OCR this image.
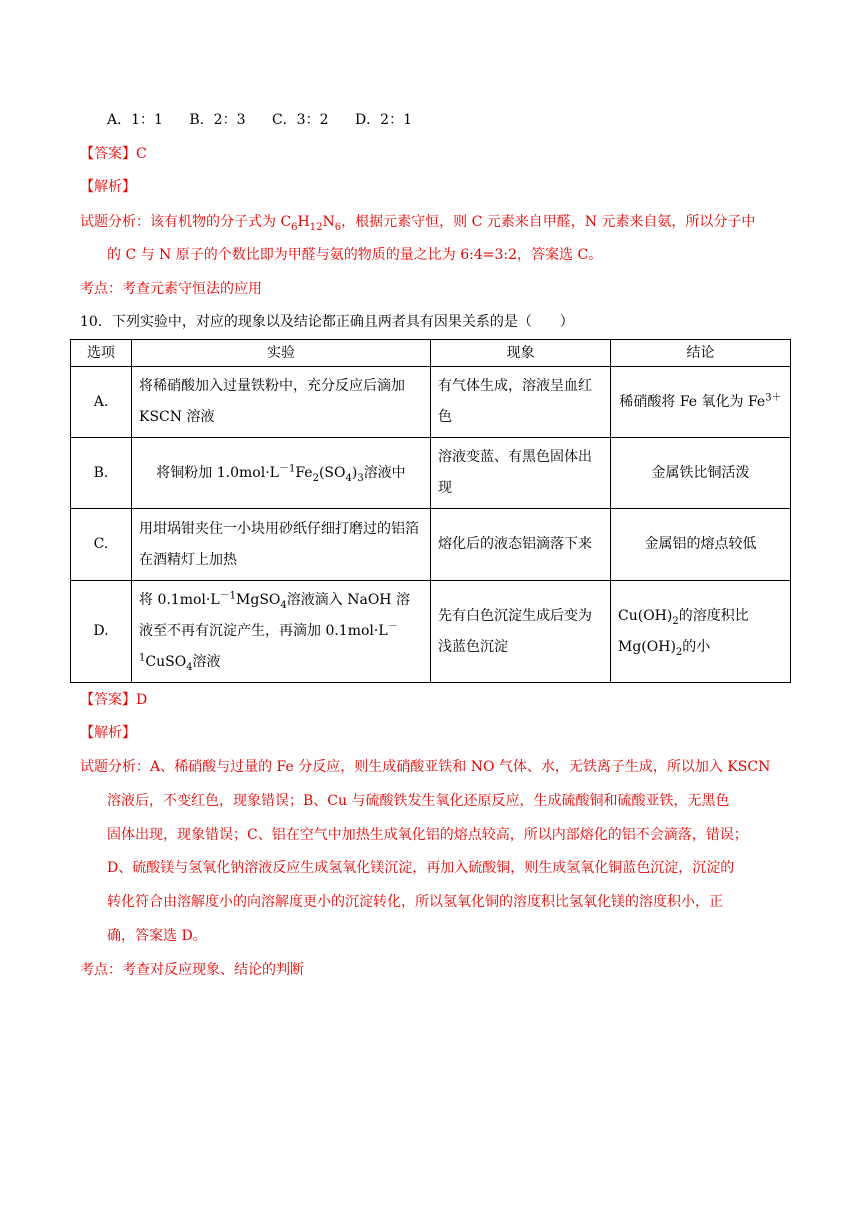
A．1：1 B．2：3 C．3：2 D．2：1
【答案】C
【解析】
试题分析：该有机物的分子式为 $C_6H_{12}N_6$，根据元素守恒，则 C 元素来自甲醛，N 元素来自氨，所以分子中
的 C 与 N 原子的个数比即为甲醛与氨的物质的量之比为 6:4=3:2，答案选 C。
考点：考查元素守恒法的应用
10．下列实验中，对应的现象以及结论都正确且两者具有因果关系的是（　　）
选项	实验	现象	结论
A.	将稀硝酸加入过量铁粉中，充分反应后滴加 KSCN 溶液	有气体生成，溶液呈血红色	稀硝酸将 Fe 氧化为 $Fe^{3+}$
B.	将铜粉加 $1.0mol\cdot L^{-1}Fe_2(SO_4)_3$溶液中	溶液变蓝、有黑色固体出现	金属铁比铜活泼
C.	用坩埚钳夹住一小块用砂纸仔细打磨过的铝箔在酒精灯上加热	熔化后的液态铝滴落下来	金属铝的熔点较低
D.	将 $0.1mol\cdot L^{-1}MgSO_4$溶液滴入 NaOH 溶液至不再有沉淀产生，再滴加 $0.1mol\cdot L^{-1}CuSO_4$溶液	先有白色沉淀生成后变为浅蓝色沉淀	$Cu(OH)_2$的溶度积比 $Mg(OH)_2$的小
【答案】D
【解析】
试题分析：A、稀硝酸与过量的 Fe 分反应，则生成硝酸亚铁和 NO 气体、水，无铁离子生成，所以加入 KSCN
溶液后，不变红色，现象错误；B、Cu 与硫酸铁发生氧化还原反应，生成硫酸铜和硫酸亚铁，无黑色
固体出现，现象错误；C、铝在空气中加热生成氧化铝的熔点较高，所以内部熔化的铝不会滴落，错误；
D、硫酸镁与氢氧化钠溶液反应生成氢氧化镁沉淀，再加入硫酸铜，则生成氢氧化铜蓝色沉淀，沉淀的
转化符合由溶解度小的向溶解度更小的沉淀转化，所以氢氧化铜的溶度积比氢氧化镁的溶度积小，正
确，答案选 D。
考点：考查对反应现象、结论的判断
